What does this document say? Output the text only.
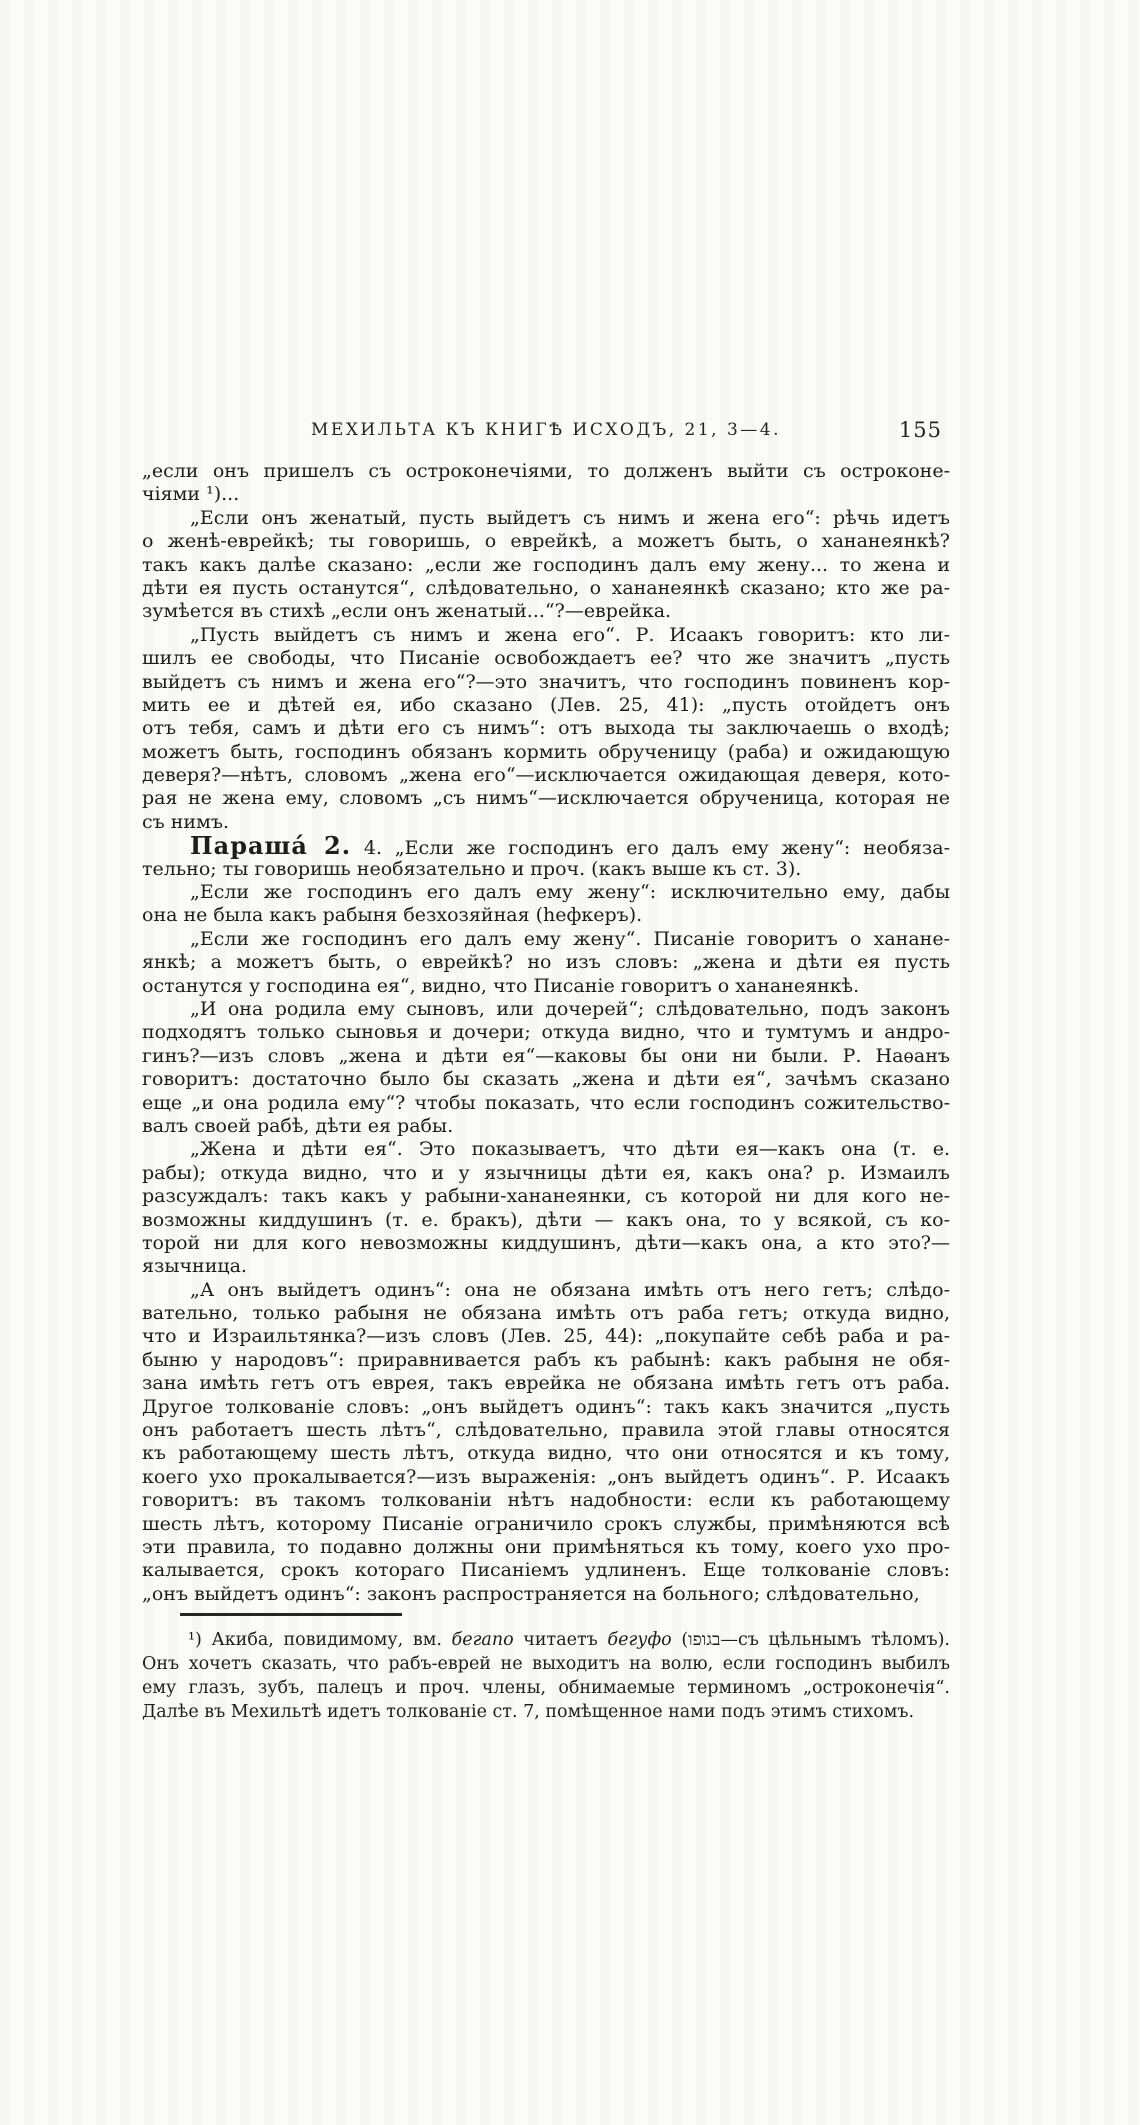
МЕХИЛЬТА КЪ КНИГѢ ИСХОДЪ, 21, 3—4.	155
„если онъ пришелъ съ остроконечіями, то долженъ выйти съ остроконе-
чіями ¹)...
„Если онъ женатый, пусть выйдетъ съ нимъ и жена его“: рѣчь идетъ
о женѣ-еврейкѣ; ты говоришь, о еврейкѣ, а можетъ быть, о хананеянкѣ?
такъ какъ далѣе сказано: „если же господинъ далъ ему жену... то жена и
дѣти ея пусть останутся“, слѣдовательно, о хананеянкѣ сказано; кто же ра-
зумѣется въ стихѣ „если онъ женатый...“?—еврейка.
„Пусть выйдетъ съ нимъ и жена его“. Р. Исаакъ говоритъ: кто ли-
шилъ ее свободы, что Писаніе освобождаетъ ее? что же значитъ „пусть
выйдетъ съ нимъ и жена его“?—это значитъ, что господинъ повиненъ кор-
мить ее и дѣтей ея, ибо сказано (Лев. 25, 41): „пусть отойдетъ онъ
отъ тебя, самъ и дѣти его съ нимъ“: отъ выхода ты заключаешь о входѣ;
можетъ быть, господинъ обязанъ кормить обрученицу (раба) и ожидающую
деверя?—нѣтъ, словомъ „жена его“—исключается ожидающая деверя, кото-
рая не жена ему, словомъ „съ нимъ“—исключается обрученица, которая не
съ нимъ.
Параша́ 2. 4. „Если же господинъ его далъ ему жену“: необяза-
тельно; ты говоришь необязательно и проч. (какъ выше къ ст. 3).
„Если же господинъ его далъ ему жену“: исключительно ему, дабы
она не была какъ рабыня безхозяйная (hефкеръ).
„Если же господинъ его далъ ему жену“. Писаніе говоритъ о ханане-
янкѣ; а можетъ быть, о еврейкѣ? но изъ словъ: „жена и дѣти ея пусть
останутся у господина ея“, видно, что Писаніе говоритъ о хананеянкѣ.
„И она родила ему сыновъ, или дочерей“; слѣдовательно, подъ законъ
подходятъ только сыновья и дочери; откуда видно, что и тумтумъ и андро-
гинъ?—изъ словъ „жена и дѣти ея“—каковы бы они ни были. Р. Наѳанъ
говоритъ: достаточно было бы сказать „жена и дѣти ея“, зачѣмъ сказано
еще „и она родила ему“? чтобы показать, что если господинъ сожительство-
валъ своей рабѣ, дѣти ея рабы.
„Жена и дѣти ея“. Это показываетъ, что дѣти ея—какъ она (т. е.
рабы); откуда видно, что и у язычницы дѣти ея, какъ она? р. Измаилъ
разсуждалъ: такъ какъ у рабыни-хананеянки, съ которой ни для кого не-
возможны киддушинъ (т. е. бракъ), дѣти — какъ она, то у всякой, съ ко-
торой ни для кого невозможны киддушинъ, дѣти—какъ она, а кто это?—
язычница.
„А онъ выйдетъ одинъ“: она не обязана имѣть отъ него гетъ; слѣдо-
вательно, только рабыня не обязана имѣть отъ раба гетъ; откуда видно,
что и Израильтянка?—изъ словъ (Лев. 25, 44): „покупайте себѣ раба и ра-
быню у народовъ“: приравнивается рабъ къ рабынѣ: какъ рабыня не обя-
зана имѣть гетъ отъ еврея, такъ еврейка не обязана имѣть гетъ отъ раба.
Другое толкованіе словъ: „онъ выйдетъ одинъ“: такъ какъ значится „пусть
онъ работаетъ шесть лѣтъ“, слѣдовательно, правила этой главы относятся
къ работающему шесть лѣтъ, откуда видно, что они относятся и къ тому,
коего ухо прокалывается?—изъ выраженія: „онъ выйдетъ одинъ“. Р. Исаакъ
говоритъ: въ такомъ толкованіи нѣтъ надобности: если къ работающему
шесть лѣтъ, которому Писаніе ограничило срокъ службы, примѣняются всѣ
эти правила, то подавно должны они примѣняться къ тому, коего ухо про-
калывается, срокъ котораго Писаніемъ удлиненъ. Еще толкованіе словъ:
„онъ выйдетъ одинъ“: законъ распространяется на больного; слѣдовательно,
¹) Акиба, повидимому, вм. бегапо читаетъ бегуфо (בגופו—съ цѣльнымъ тѣломъ).
Онъ хочетъ сказать, что рабъ-еврей не выходитъ на волю, если господинъ выбилъ
ему глазъ, зубъ, палецъ и проч. члены, обнимаемые терминомъ „остроконечія“.
Далѣе въ Мехильтѣ идетъ толкованіе ст. 7, помѣщенное нами подъ этимъ стихомъ.
